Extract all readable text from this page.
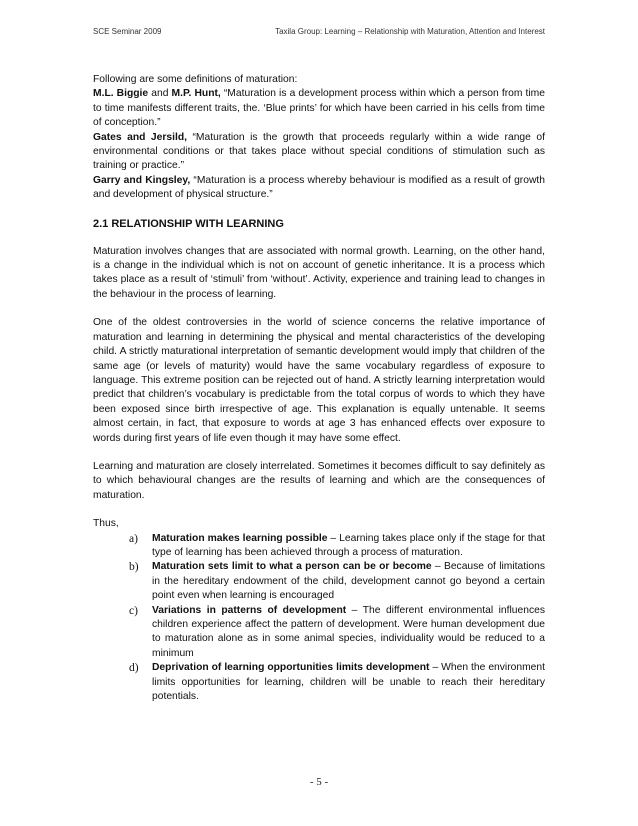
SCE Seminar 2009	Taxila Group: Learning – Relationship with Maturation, Attention and Interest

Following are some definitions of maturation:

M.L. Biggie and M.P. Hunt, “Maturation is a development process within which a person from time to time manifests different traits, the. ‘Blue prints’ for which have been carried in his cells from time of conception.”

Gates and Jersild, “Maturation is the growth that proceeds regularly within a wide range of environmental conditions or that takes place without special conditions of stimulation such as training or practice.”

Garry and Kingsley, “Maturation is a process whereby behaviour is modified as a result of growth and development of physical structure.”

2.1 RELATIONSHIP WITH LEARNING

Maturation involves changes that are associated with normal growth. Learning, on the other hand, is a change in the individual which is not on account of genetic inheritance. It is a process which takes place as a result of ‘stimuli’ from ‘without’. Activity, experience and training lead to changes in the behaviour in the process of learning.

One of the oldest controversies in the world of science concerns the relative importance of maturation and learning in determining the physical and mental characteristics of the developing child. A strictly maturational interpretation of semantic development would imply that children of the same age (or levels of maturity) would have the same vocabulary regardless of exposure to language. This extreme position can be rejected out of hand. A strictly learning interpretation would predict that children’s vocabulary is predictable from the total corpus of words to which they have been exposed since birth irrespective of age. This explanation is equally untenable. It seems almost certain, in fact, that exposure to words at age 3 has enhanced effects over exposure to words during first years of life even though it may have some effect.

Learning and maturation are closely interrelated. Sometimes it becomes difficult to say definitely as to which behavioural changes are the results of learning and which are the consequences of maturation.

Thus,

a) Maturation makes learning possible – Learning takes place only if the stage for that type of learning has been achieved through a process of maturation.
b) Maturation sets limit to what a person can be or become – Because of limitations in the hereditary endowment of the child, development cannot go beyond a certain point even when learning is encouraged
c) Variations in patterns of development – The different environmental influences children experience affect the pattern of development. Were human development due to maturation alone as in some animal species, individuality would be reduced to a minimum
d) Deprivation of learning opportunities limits development – When the environment limits opportunities for learning, children will be unable to reach their hereditary potentials.
- 5 -
